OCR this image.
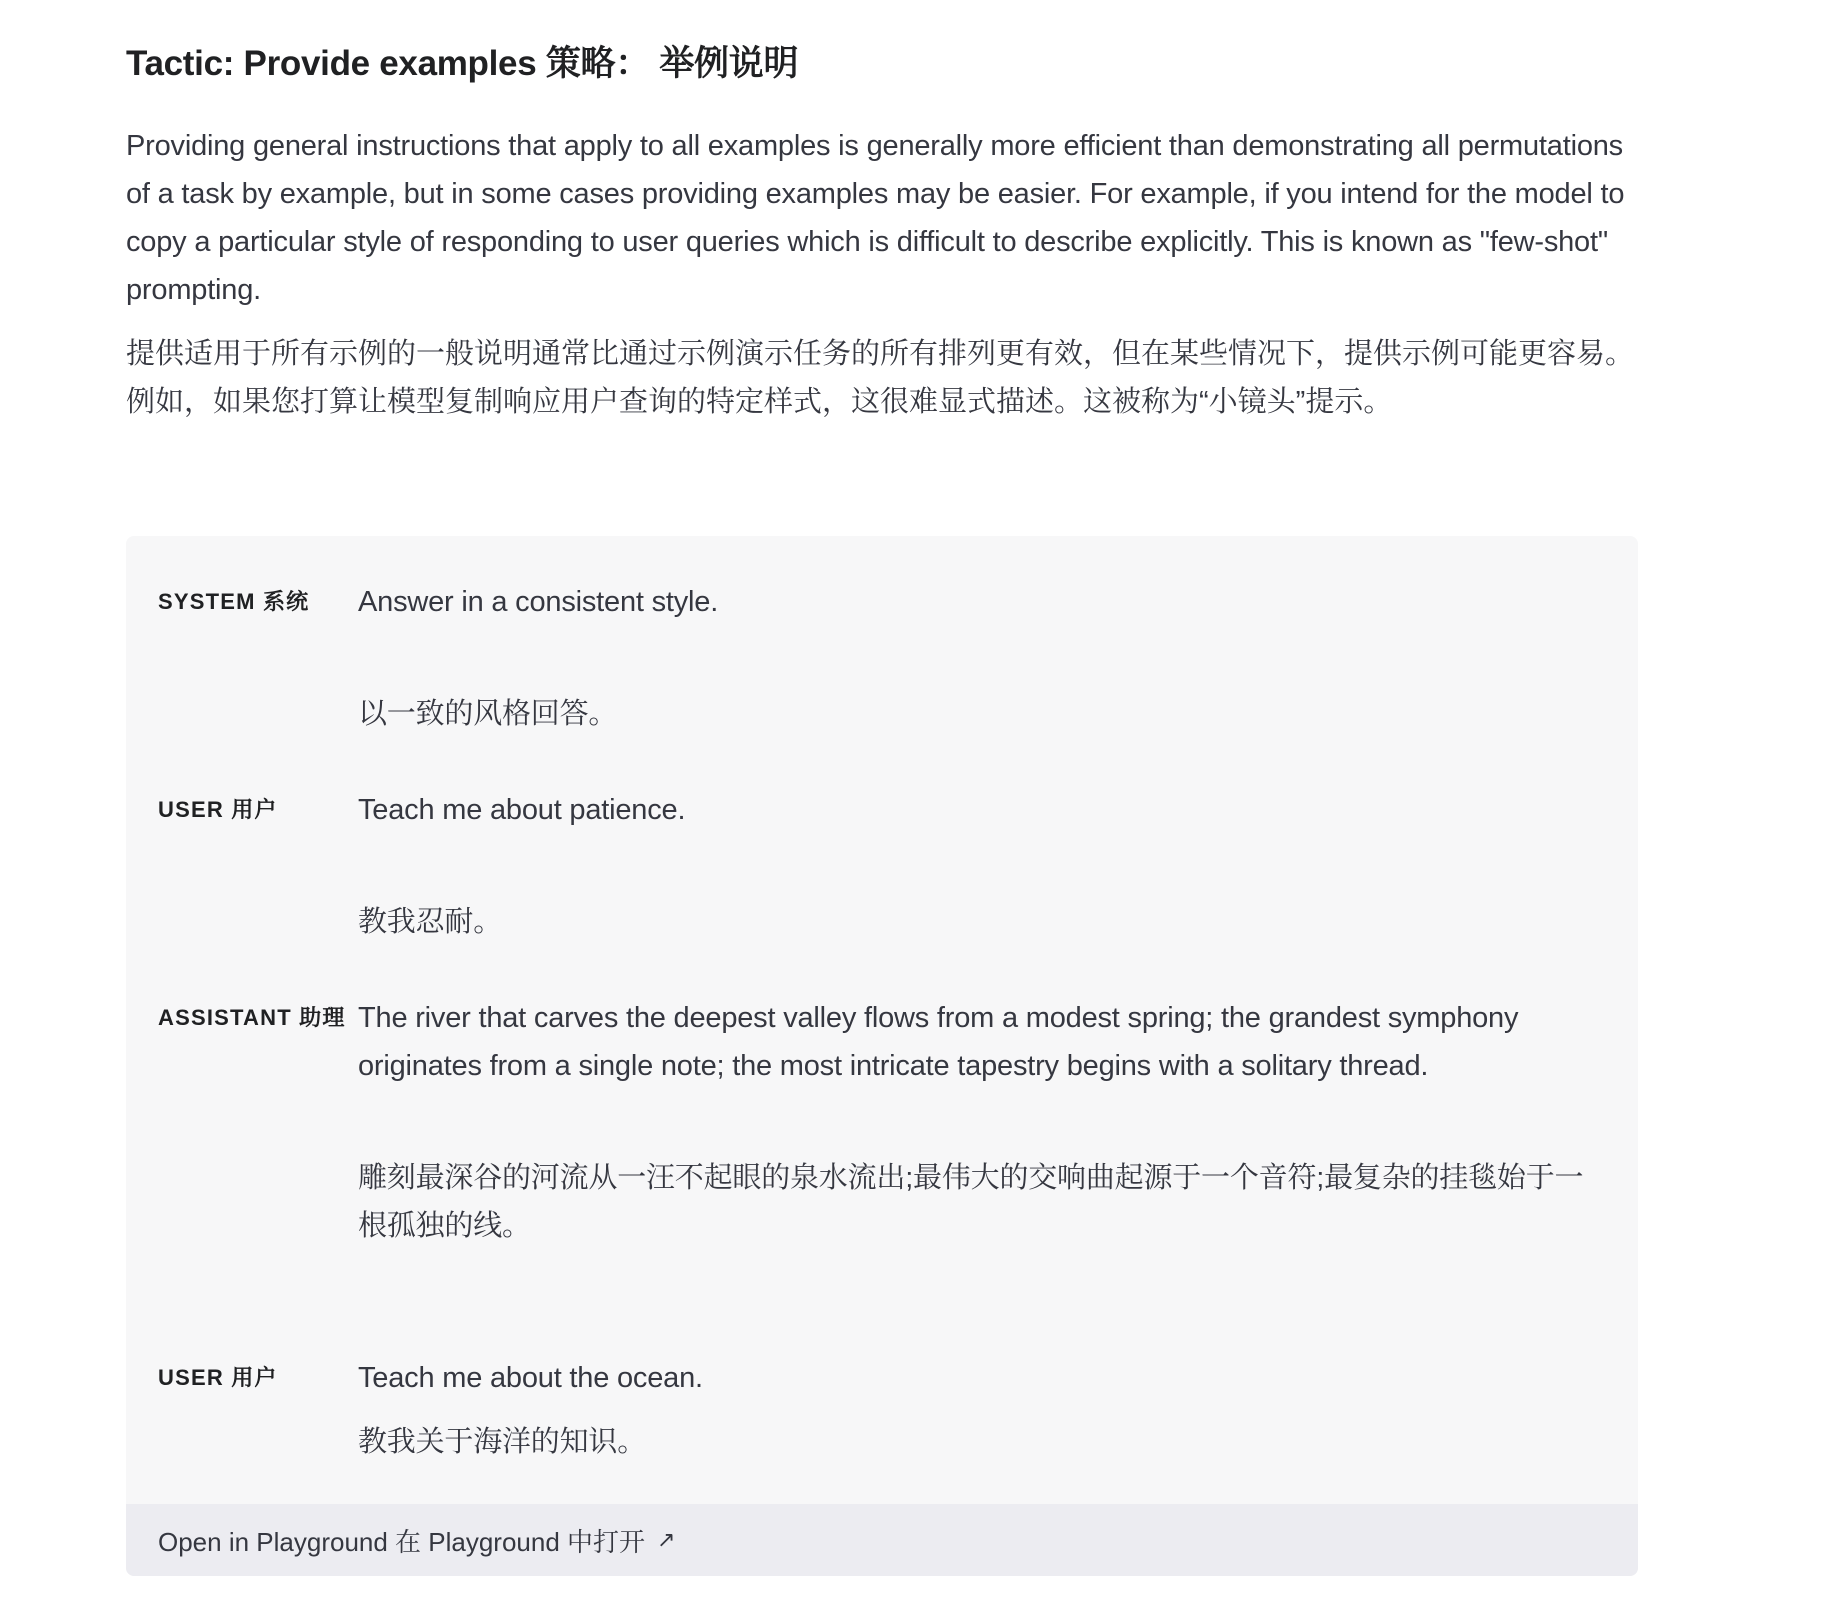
Tactic: Provide examples 策略： 举例说明

Providing general instructions that apply to all examples is generally more efficient than demonstrating all permutations of a task by example, but in some cases providing examples may be easier. For example, if you intend for the model to copy a particular style of responding to user queries which is difficult to describe explicitly. This is known as "few-shot" prompting.

提供适用于所有示例的一般说明通常比通过示例演示任务的所有排列更有效，但在某些情况下，提供示例可能更容易。例如，如果您打算让模型复制响应用户查询的特定样式，这很难显式描述。这被称为“小镜头”提示。

SYSTEM 系统	Answer in a consistent style.

以一致的风格回答。

USER 用户	Teach me about patience.

教我忍耐。

ASSISTANT 助理 The river that carves the deepest valley flows from a modest spring; the grandest symphony originates from a single note; the most intricate tapestry begins with a solitary thread.

雕刻最深谷的河流从一汪不起眼的泉水流出;最伟大的交响曲起源于一个音符;最复杂的挂毯始于一根孤独的线。

USER 用户	Teach me about the ocean.

教我关于海洋的知识。

Open in Playground 在 Playground 中打开 ↗
